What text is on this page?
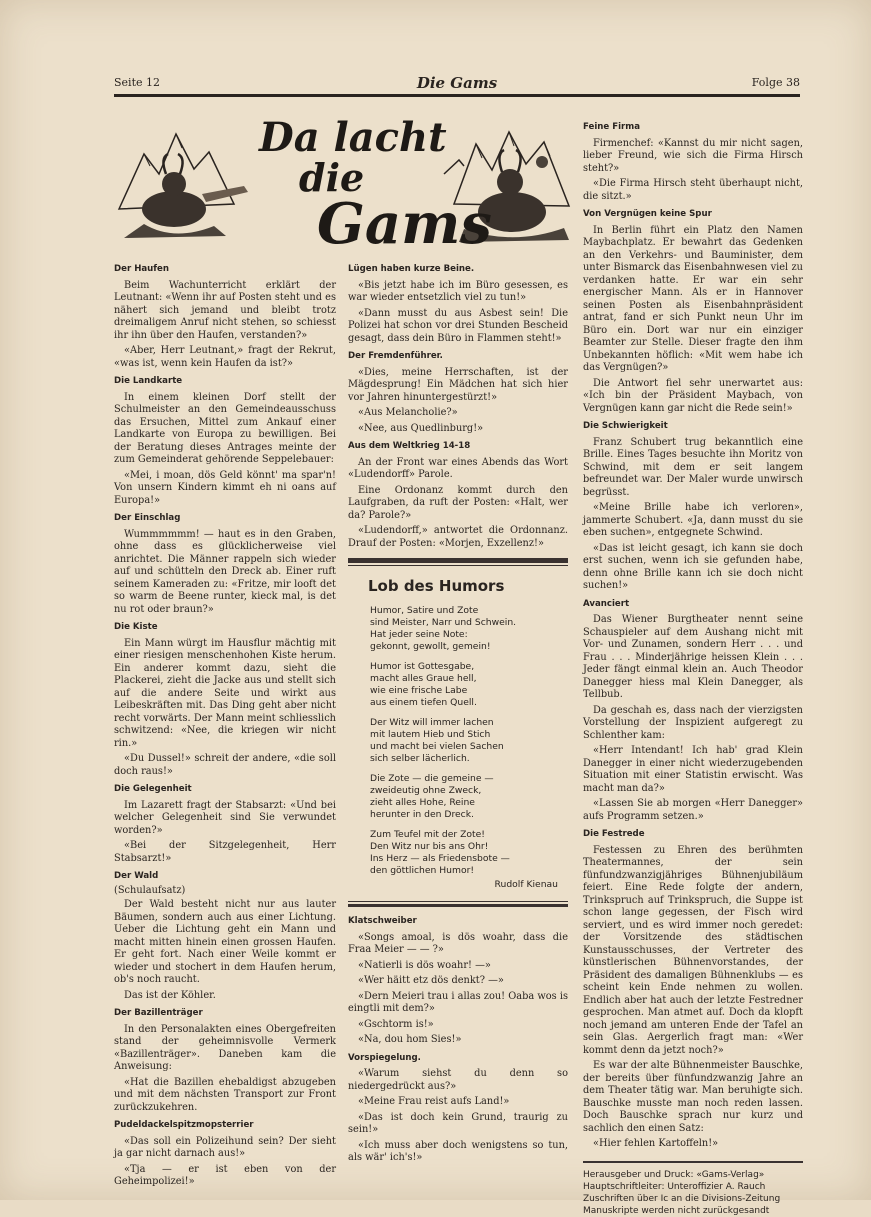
Seite 12	Die Gams	Folge 38
Da lacht
die
Gams
Der Haufen

Beim Wachunterricht erklärt der Leutnant: «Wenn ihr auf Posten steht und es nähert sich jemand und bleibt trotz dreimaligem Anruf nicht stehen, so schiesst ihr ihn über den Haufen, verstanden?»

«Aber, Herr Leutnant,» fragt der Rekrut, «was ist, wenn kein Haufen da ist?»

Die Landkarte

In einem kleinen Dorf stellt der Schulmeister an den Gemeindeausschuss das Ersuchen, Mittel zum Ankauf einer Landkarte von Europa zu bewilligen. Bei der Beratung dieses Antrages meinte der zum Gemeinderat gehörende Seppelebauer:

«Mei, i moan, dös Geld könnt' ma spar'n! Von unsern Kindern kimmt eh ni oans auf Europa!»

Der Einschlag

Wummmmmm! — haut es in den Graben, ohne dass es glücklicherweise viel anrichtet. Die Männer rappeln sich wieder auf und schütteln den Dreck ab. Einer ruft seinem Kameraden zu: «Fritze, mir looft det so warm de Beene runter, kieck mal, is det nu rot oder braun?»

Die Kiste

Ein Mann würgt im Hausflur mächtig mit einer riesigen menschenhohen Kiste herum. Ein anderer kommt dazu, sieht die Plackerei, zieht die Jacke aus und stellt sich auf die andere Seite und wirkt aus Leibeskräften mit. Das Ding geht aber nicht recht vorwärts. Der Mann meint schliesslich schwitzend: «Nee, die kriegen wir nicht rin.»

«Du Dussel!» schreit der andere, «die soll doch raus!»

Die Gelegenheit

Im Lazarett fragt der Stabsarzt: «Und bei welcher Gelegenheit sind Sie verwundet worden?»

«Bei der Sitzgelegenheit, Herr Stabsarzt!»

Der Wald
(Schulaufsatz)

Der Wald besteht nicht nur aus lauter Bäumen, sondern auch aus einer Lichtung. Ueber die Lichtung geht ein Mann und macht mitten hinein einen grossen Haufen. Er geht fort. Nach einer Weile kommt er wieder und stochert in dem Haufen herum, ob's noch raucht.

Das ist der Köhler.

Der Bazillenträger

In den Personalakten eines Obergefreiten stand der geheimnisvolle Vermerk «Bazillenträger». Daneben kam die Anweisung:

«Hat die Bazillen ehebaldigst abzugeben und mit dem nächsten Transport zur Front zurückzukehren.

Pudeldackelspitzmopsterrier

«Das soll ein Polizeihund sein? Der sieht ja gar nicht darnach aus!»

«Tja — er ist eben von der Geheimpolizei!»

Lügen haben kurze Beine.

«Bis jetzt habe ich im Büro gesessen, es war wieder entsetzlich viel zu tun!»

«Dann musst du aus Asbest sein! Die Polizei hat schon vor drei Stunden Bescheid gesagt, dass dein Büro in Flammen steht!»

Der Fremdenführer.

«Dies, meine Herrschaften, ist der Mägdesprung! Ein Mädchen hat sich hier vor Jahren hinuntergestürzt!»

«Aus Melancholie?»

«Nee, aus Quedlinburg!»

Aus dem Weltkrieg 14-18

An der Front war eines Abends das Wort «Ludendorff» Parole.

Eine Ordonanz kommt durch den Laufgraben, da ruft der Posten: «Halt, wer da? Parole?»

«Ludendorff,» antwortet die Ordonnanz. Drauf der Posten: «Morjen, Exzellenz!»

Lob des Humors
Humor, Satire und Zote
sind Meister, Narr und Schwein.
Hat jeder seine Note:
gekonnt, gewollt, gemein!
Humor ist Gottesgabe,
macht alles Graue hell,
wie eine frische Labe
aus einem tiefen Quell.
Der Witz will immer lachen
mit lautem Hieb und Stich
und macht bei vielen Sachen
sich selber lächerlich.
Die Zote — die gemeine —
zweideutig ohne Zweck,
zieht alles Hohe, Reine
herunter in den Dreck.
Zum Teufel mit der Zote!
Den Witz nur bis ans Ohr!
Ins Herz — als Friedensbote —
den göttlichen Humor!
Rudolf Kienau
Klatschweiber

«Songs amoal, is dös woahr, dass die Fraa Meier — — ?»

«Natierli is dös woahr! —»

«Wer häitt etz dös denkt? —»

«Dern Meieri trau i allas zou! Oaba wos is eingtli mit dem?»

«Gschtorm is!»

«Na, dou hom Sies!»

Vorspiegelung.

«Warum siehst du denn so niedergedrückt aus?»

«Meine Frau reist aufs Land!»

«Das ist doch kein Grund, traurig zu sein!»

«Ich muss aber doch wenigstens so tun, als wär' ich's!»

Feine Firma

Firmenchef: «Kannst du mir nicht sagen, lieber Freund, wie sich die Firma Hirsch steht?»

«Die Firma Hirsch steht überhaupt nicht, die sitzt.»

Von Vergnügen keine Spur

In Berlin führt ein Platz den Namen Maybachplatz. Er bewahrt das Gedenken an den Verkehrs- und Bauminister, dem unter Bismarck das Eisenbahnwesen viel zu verdanken hatte. Er war ein sehr energischer Mann. Als er in Hannover seinen Posten als Eisenbahnpräsident antrat, fand er sich Punkt neun Uhr im Büro ein. Dort war nur ein einziger Beamter zur Stelle. Dieser fragte den ihm Unbekannten höflich: «Mit wem habe ich das Vergnügen?»

Die Antwort fiel sehr unerwartet aus: «Ich bin der Präsident Maybach, von Vergnügen kann gar nicht die Rede sein!»

Die Schwierigkeit

Franz Schubert trug bekanntlich eine Brille. Eines Tages besuchte ihn Moritz von Schwind, mit dem er seit langem befreundet war. Der Maler wurde unwirsch begrüsst.

«Meine Brille habe ich verloren», jammerte Schubert. «Ja, dann musst du sie eben suchen», entgegnete Schwind.

«Das ist leicht gesagt, ich kann sie doch erst suchen, wenn ich sie gefunden habe, denn ohne Brille kann ich sie doch nicht suchen!»

Avanciert

Das Wiener Burgtheater nennt seine Schauspieler auf dem Aushang nicht mit Vor- und Zunamen, sondern Herr . . . und Frau . . . Minderjährige heissen Klein . . . Jeder fängt einmal klein an. Auch Theodor Danegger hiess mal Klein Danegger, als Tellbub.

Da geschah es, dass nach der vierzigsten Vorstellung der Inspizient aufgeregt zu Schlenther kam:

«Herr Intendant! Ich hab' grad Klein Danegger in einer nicht wiederzugebenden Situation mit einer Statistin erwischt. Was macht man da?»

«Lassen Sie ab morgen «Herr Danegger» aufs Programm setzen.»

Die Festrede

Festessen zu Ehren des berühmten Theatermannes, der sein fünfundzwanzigjähriges Bühnenjubiläum feiert. Eine Rede folgte der andern, Trinkspruch auf Trinkspruch, die Suppe ist schon lange gegessen, der Fisch wird serviert, und es wird immer noch geredet: der Vorsitzende des städtischen Kunstausschusses, der Vertreter des künstlerischen Bühnenvorstandes, der Präsident des damaligen Bühnenklubs — es scheint kein Ende nehmen zu wollen. Endlich aber hat auch der letzte Festredner gesprochen. Man atmet auf. Doch da klopft noch jemand am unteren Ende der Tafel an sein Glas. Aergerlich fragt man: «Wer kommt denn da jetzt noch?»

Es war der alte Bühnenmeister Bauschke, der bereits über fünfundzwanzig Jahre an dem Theater tätig war. Man beruhigte sich. Bauschke musste man noch reden lassen. Doch Bauschke sprach nur kurz und sachlich den einen Satz:

«Hier fehlen Kartoffeln!»

Herausgeber und Druck: «Gams-Verlag»
Hauptschriftleiter: Unteroffizier A. Rauch
Zuschriften über Ic an die Divisions-Zeitung
Manuskripte werden nicht zurückgesandt
